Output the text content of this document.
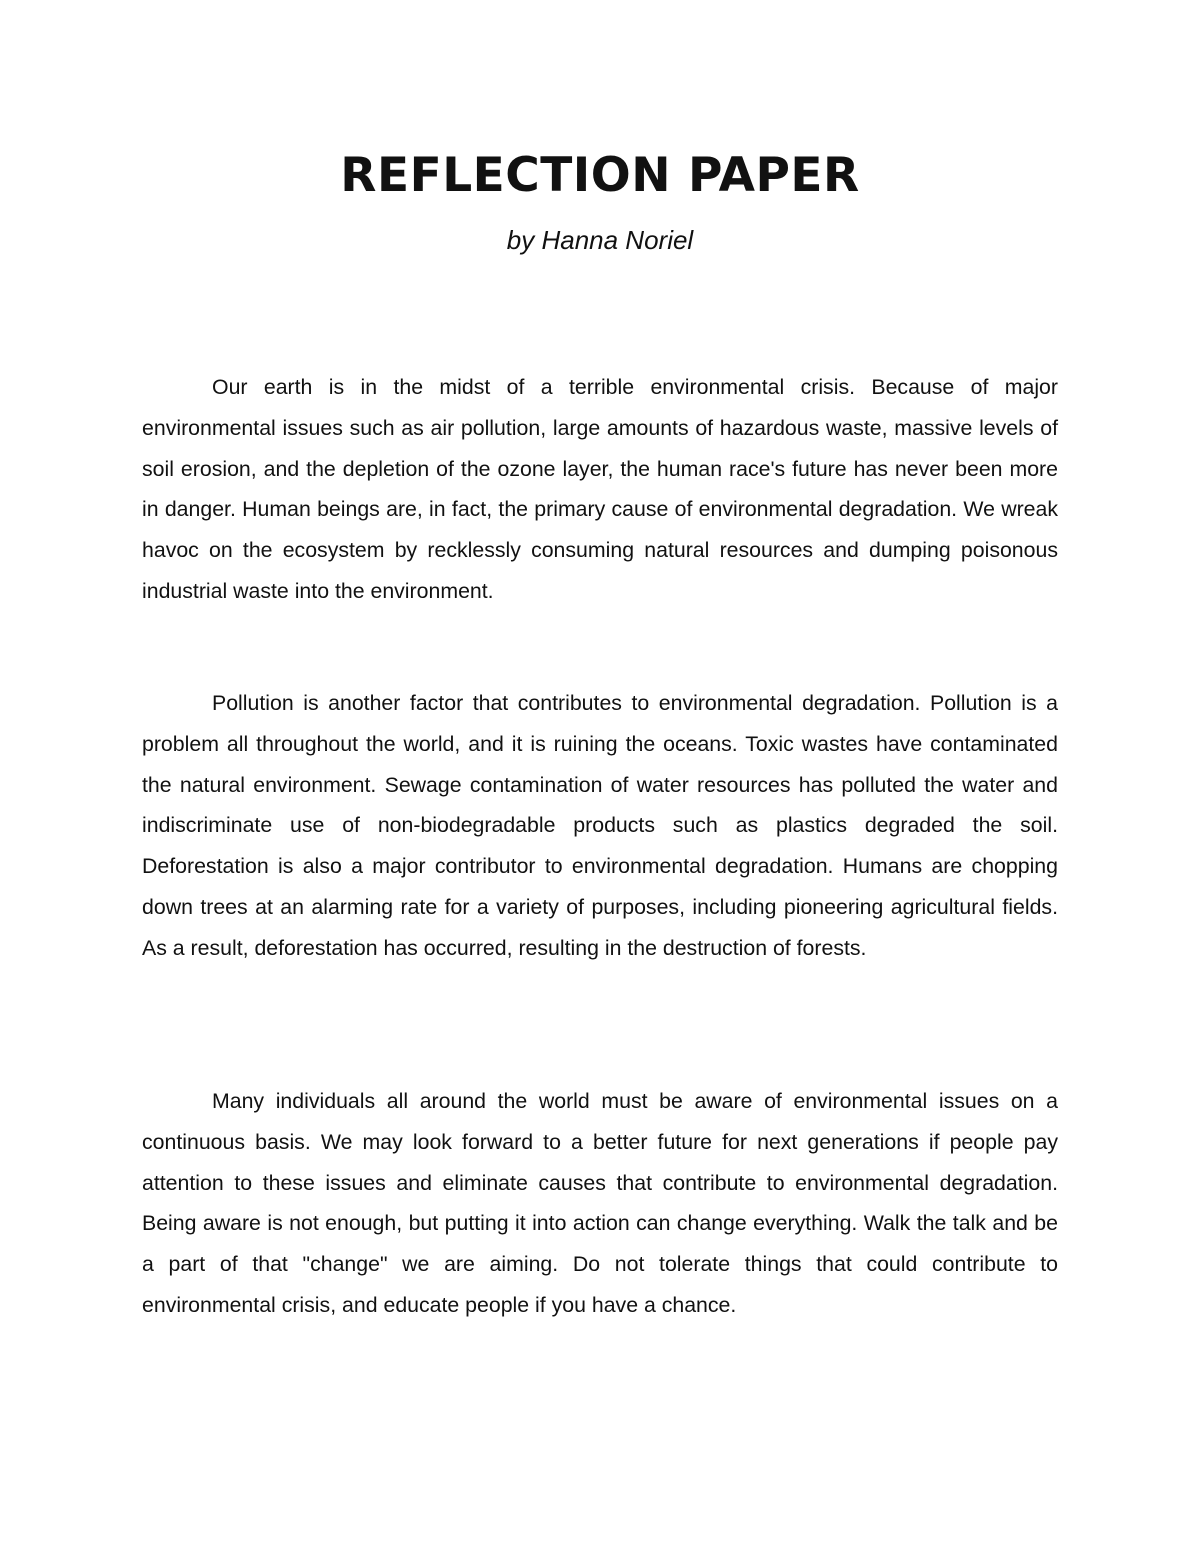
REFLECTION PAPER

by Hanna Noriel

Our earth is in the midst of a terrible environmental crisis. Because of major environmental issues such as air pollution, large amounts of hazardous waste, massive levels of soil erosion, and the depletion of the ozone layer, the human race's future has never been more in danger. Human beings are, in fact, the primary cause of environmental degradation. We wreak havoc on the ecosystem by recklessly consuming natural resources and dumping poisonous industrial waste into the environment.

Pollution is another factor that contributes to environmental degradation. Pollution is a problem all throughout the world, and it is ruining the oceans. Toxic wastes have contaminated the natural environment. Sewage contamination of water resources has polluted the water and indiscriminate use of non-biodegradable products such as plastics degraded the soil. Deforestation is also a major contributor to environmental degradation. Humans are chopping down trees at an alarming rate for a variety of purposes, including pioneering agricultural fields. As a result, deforestation has occurred, resulting in the destruction of forests.

Many individuals all around the world must be aware of environmental issues on a continuous basis. We may look forward to a better future for next generations if people pay attention to these issues and eliminate causes that contribute to environmental degradation. Being aware is not enough, but putting it into action can change everything. Walk the talk and be a part of that "change" we are aiming. Do not tolerate things that could contribute to environmental crisis, and educate people if you have a chance.
